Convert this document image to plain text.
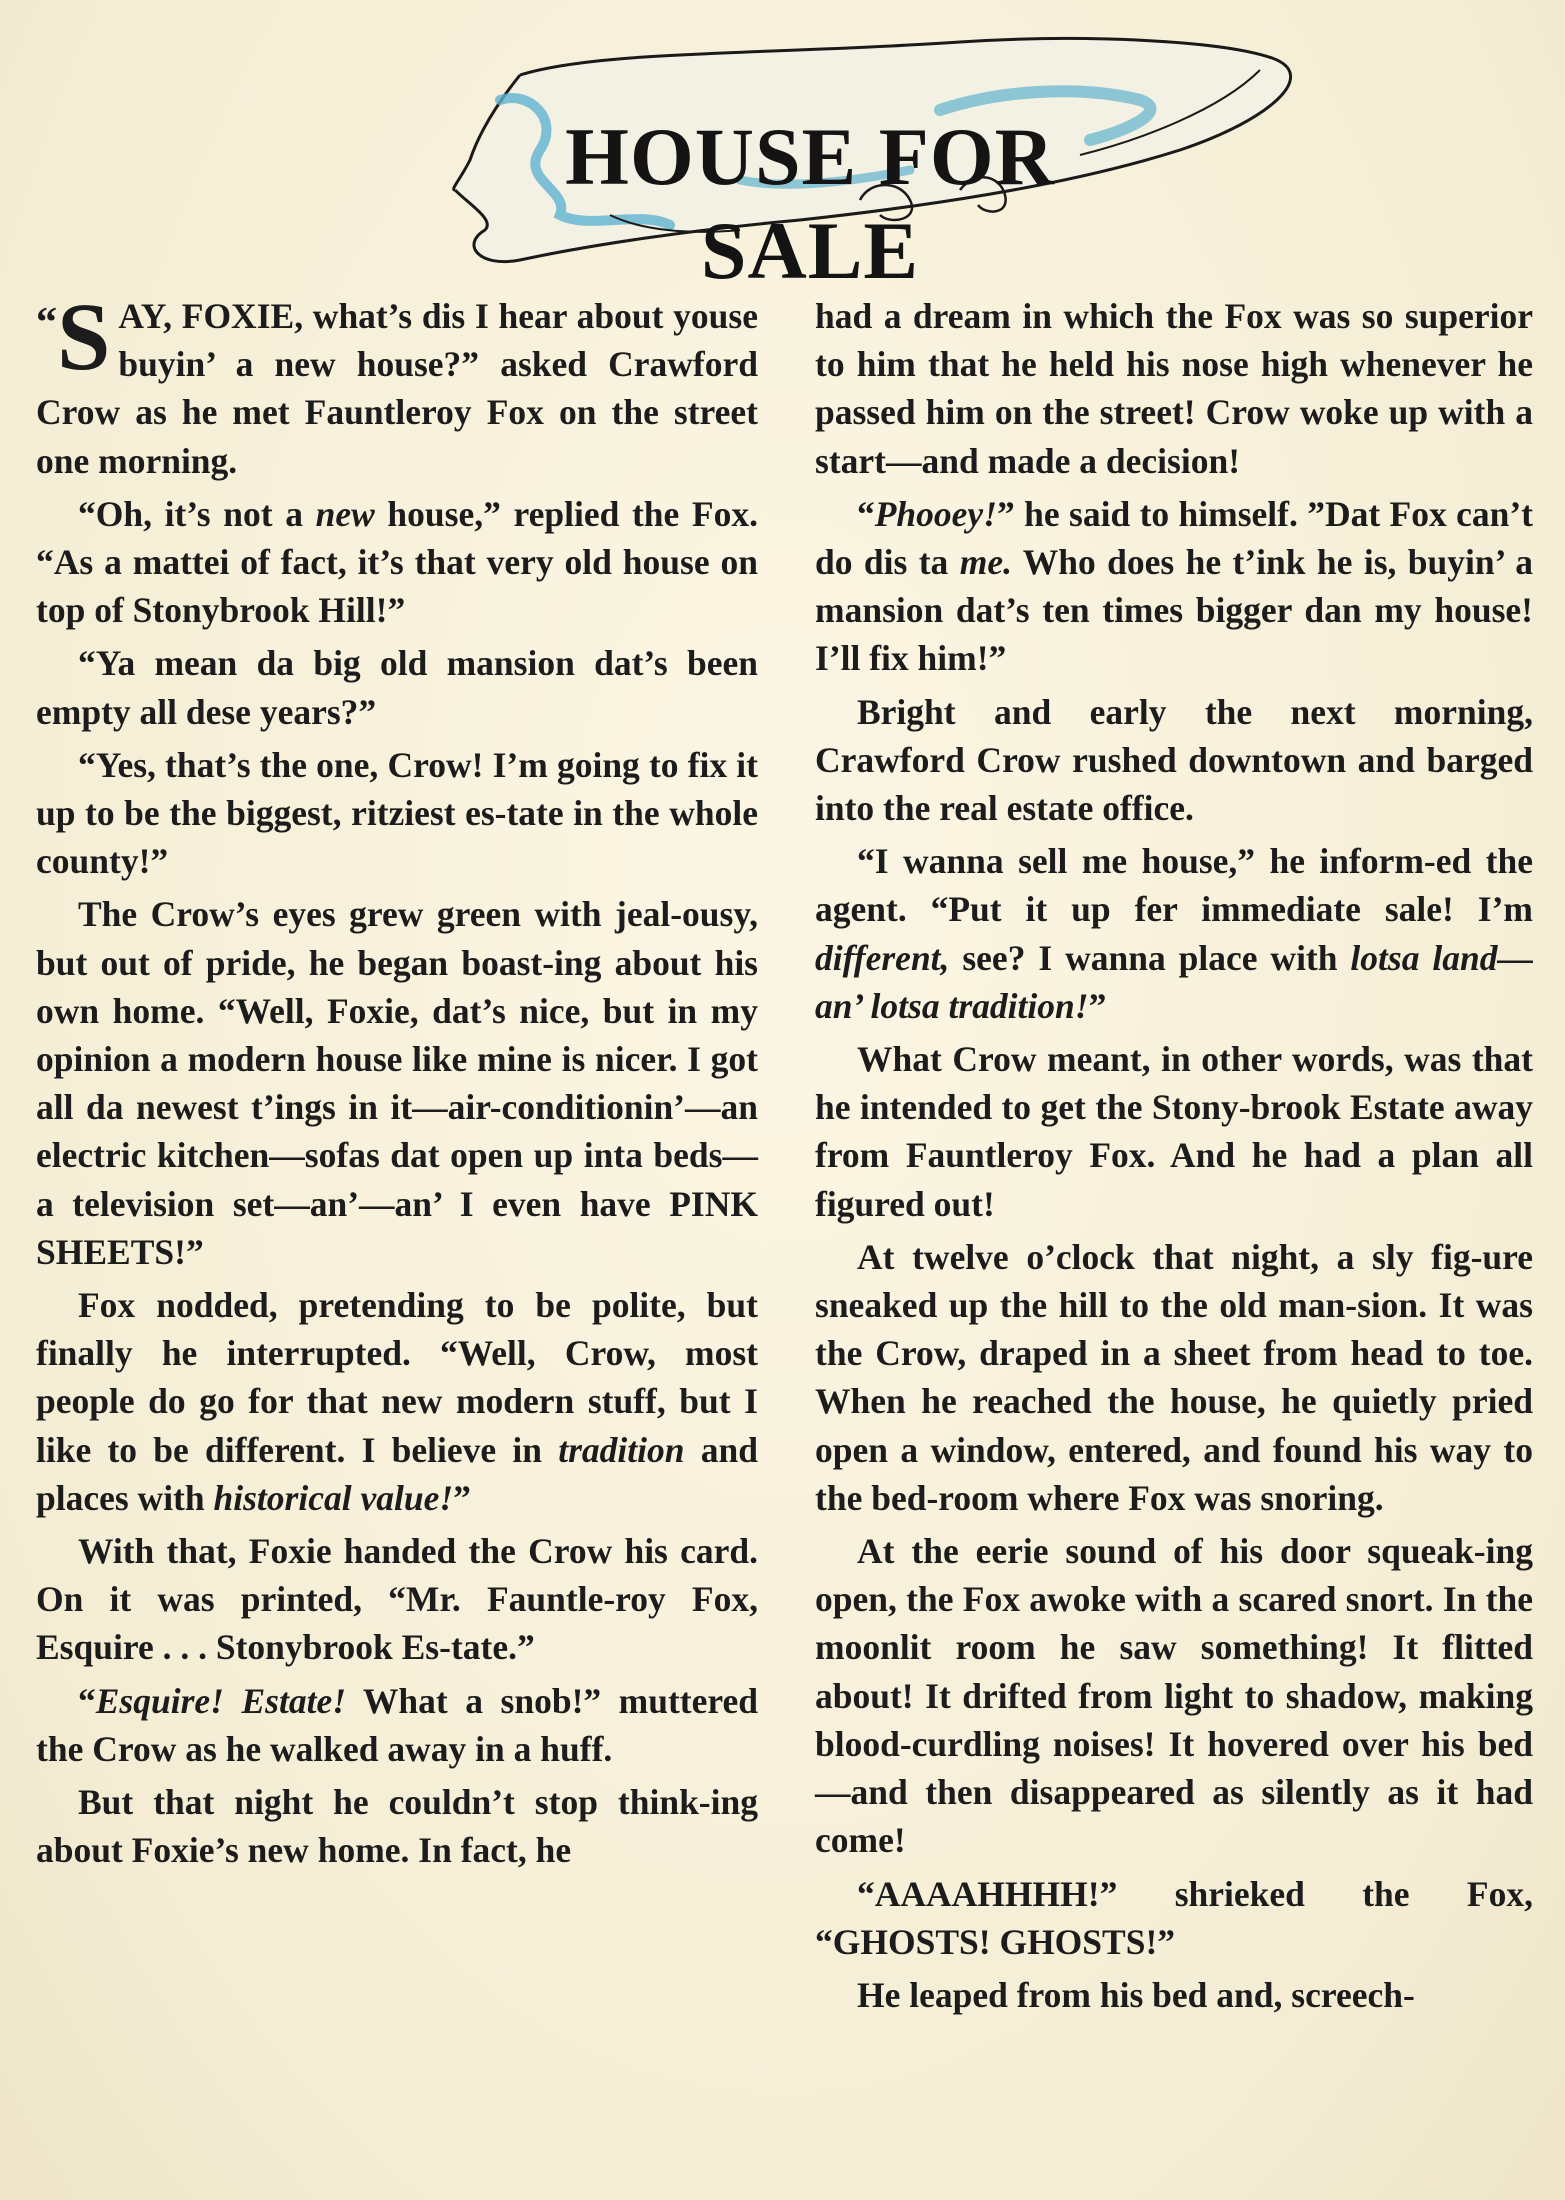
HOUSE FOR SALE

“S AY, FOXIE, what’s dis I hear about youse buyin’ a new house?” asked Crawford Crow as he met Fauntleroy Fox on the street one morning.

“Oh, it’s not a new house,” replied the Fox. “As a mattei of fact, it’s that very old house on top of Stonybrook Hill!”

“Ya mean da big old mansion dat’s been empty all dese years?”

“Yes, that’s the one, Crow! I’m going to fix it up to be the biggest, ritziest es-tate in the whole county!”

The Crow’s eyes grew green with jeal-ousy, but out of pride, he began boast-ing about his own home. “Well, Foxie, dat’s nice, but in my opinion a modern house like mine is nicer. I got all da newest t’ings in it—air-conditionin’—an electric kitchen—sofas dat open up inta beds—a television set—an’—an’ I even have PINK SHEETS!”

Fox nodded, pretending to be polite, but finally he interrupted. “Well, Crow, most people do go for that new modern stuff, but I like to be different. I believe in tradition and places with historical value!”

With that, Foxie handed the Crow his card. On it was printed, “Mr. Fauntle-roy Fox, Esquire . . . Stonybrook Es-tate.”

“Esquire! Estate! What a snob!” muttered the Crow as he walked away in a huff.

But that night he couldn’t stop think-ing about Foxie’s new home. In fact, he

had a dream in which the Fox was so superior to him that he held his nose high whenever he passed him on the street! Crow woke up with a start—and made a decision!

“Phooey!” he said to himself. ”Dat Fox can’t do dis ta me. Who does he t’ink he is, buyin’ a mansion dat’s ten times bigger dan my house! I’ll fix him!”

Bright and early the next morning, Crawford Crow rushed downtown and barged into the real estate office.

“I wanna sell me house,” he inform-ed the agent. “Put it up fer immediate sale! I’m different, see? I wanna place with lotsa land—an’ lotsa tradition!”

What Crow meant, in other words, was that he intended to get the Stony-brook Estate away from Fauntleroy Fox. And he had a plan all figured out!

At twelve o’clock that night, a sly fig-ure sneaked up the hill to the old man-sion. It was the Crow, draped in a sheet from head to toe. When he reached the house, he quietly pried open a window, entered, and found his way to the bed-room where Fox was snoring.

At the eerie sound of his door squeak-ing open, the Fox awoke with a scared snort. In the moonlit room he saw something! It flitted about! It drifted from light to shadow, making blood-curdling noises! It hovered over his bed —and then disappeared as silently as it had come!

“AAAAHHHH!” shrieked the Fox, “GHOSTS! GHOSTS!”

He leaped from his bed and, screech-
